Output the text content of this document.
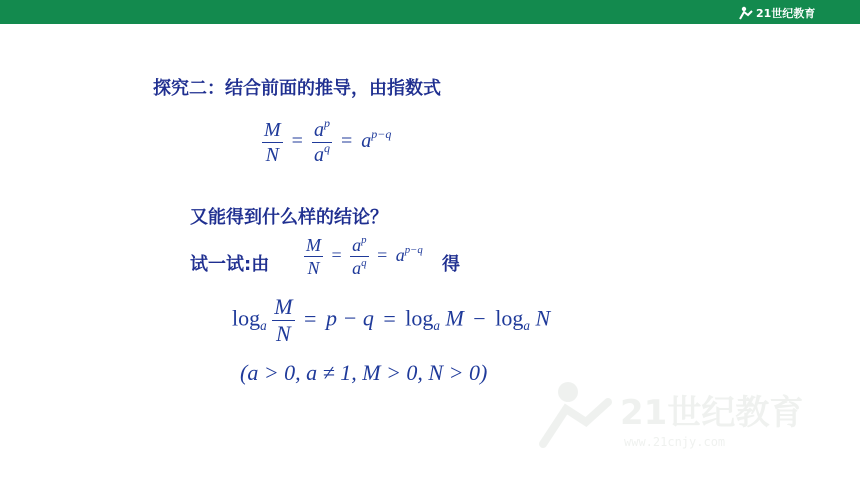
21世纪教育
探究二：结合前面的推导，由指数式
$\frac{M}{N} = \frac{a^p}{a^q} = a^{p-q}$
又能得到什么样的结论？
试一试:由 $\frac{M}{N} = \frac{a^p}{a^q} = a^{p-q}$
得
$\log_a \frac{M}{N} = p - q = \log_a M - \log_a N$
(a > 0, a ≠ 1, M > 0, N > 0)
21世纪教育
www.21cnjy.com
